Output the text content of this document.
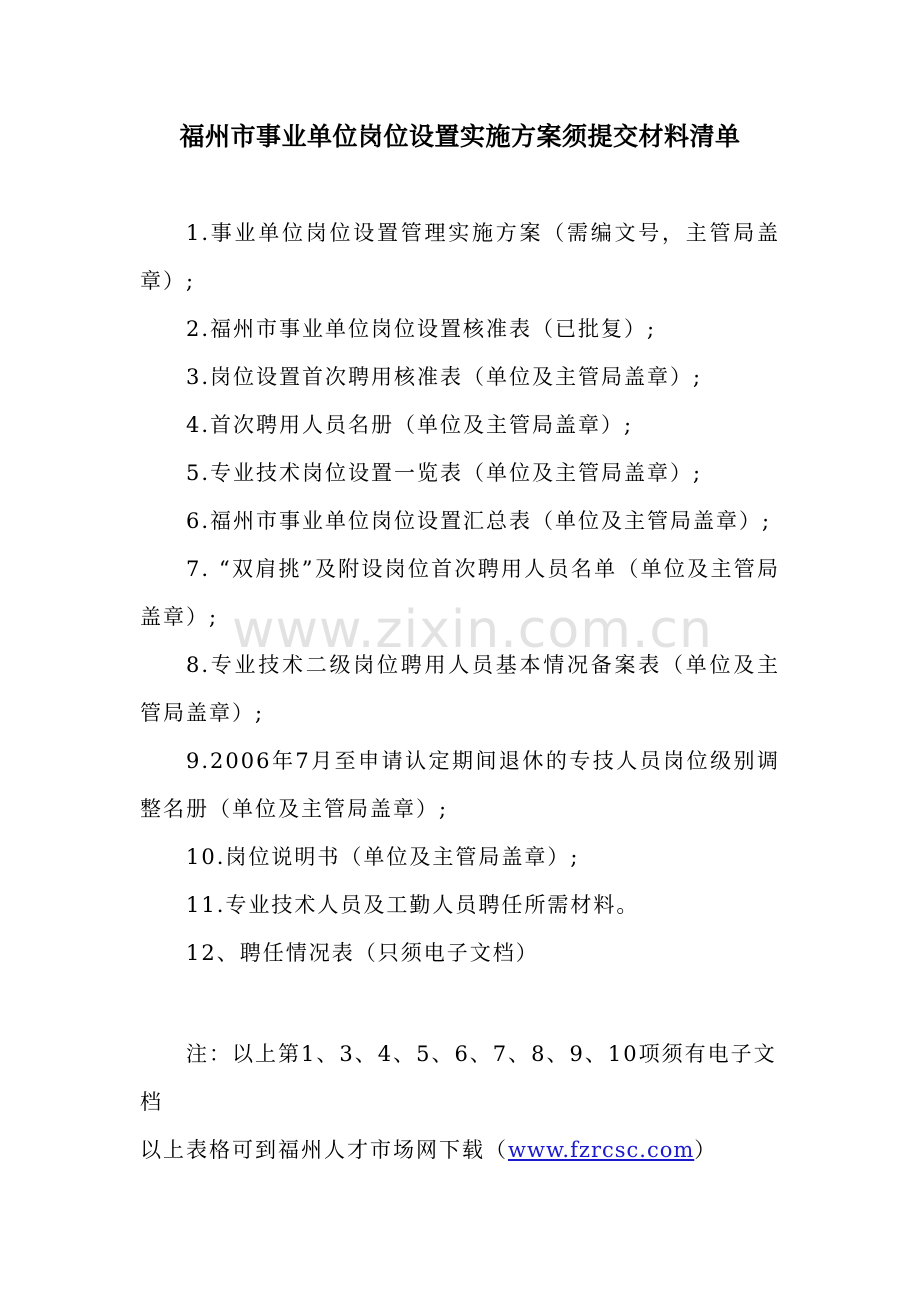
福州市事业单位岗位设置实施方案须提交材料清单
www.zixin.com.cn
1.事业单位岗位设置管理实施方案（需编文号，主管局盖章）;
2.福州市事业单位岗位设置核准表（已批复）;
3.岗位设置首次聘用核准表（单位及主管局盖章）;
4.首次聘用人员名册（单位及主管局盖章）;
5.专业技术岗位设置一览表（单位及主管局盖章）;
6.福州市事业单位岗位设置汇总表（单位及主管局盖章）;
7. “双肩挑”及附设岗位首次聘用人员名单（单位及主管局盖章）;
8.专业技术二级岗位聘用人员基本情况备案表（单位及主管局盖章）;
9.2006年7月至申请认定期间退休的专技人员岗位级别调整名册（单位及主管局盖章）;
10.岗位说明书（单位及主管局盖章）;
11.专业技术人员及工勤人员聘任所需材料。
12、聘任情况表（只须电子文档）
注：以上第1、3、4、5、6、7、8、9、10项须有电子文档
以上表格可到福州人才市场网下载（www.fzrcsc.com）
